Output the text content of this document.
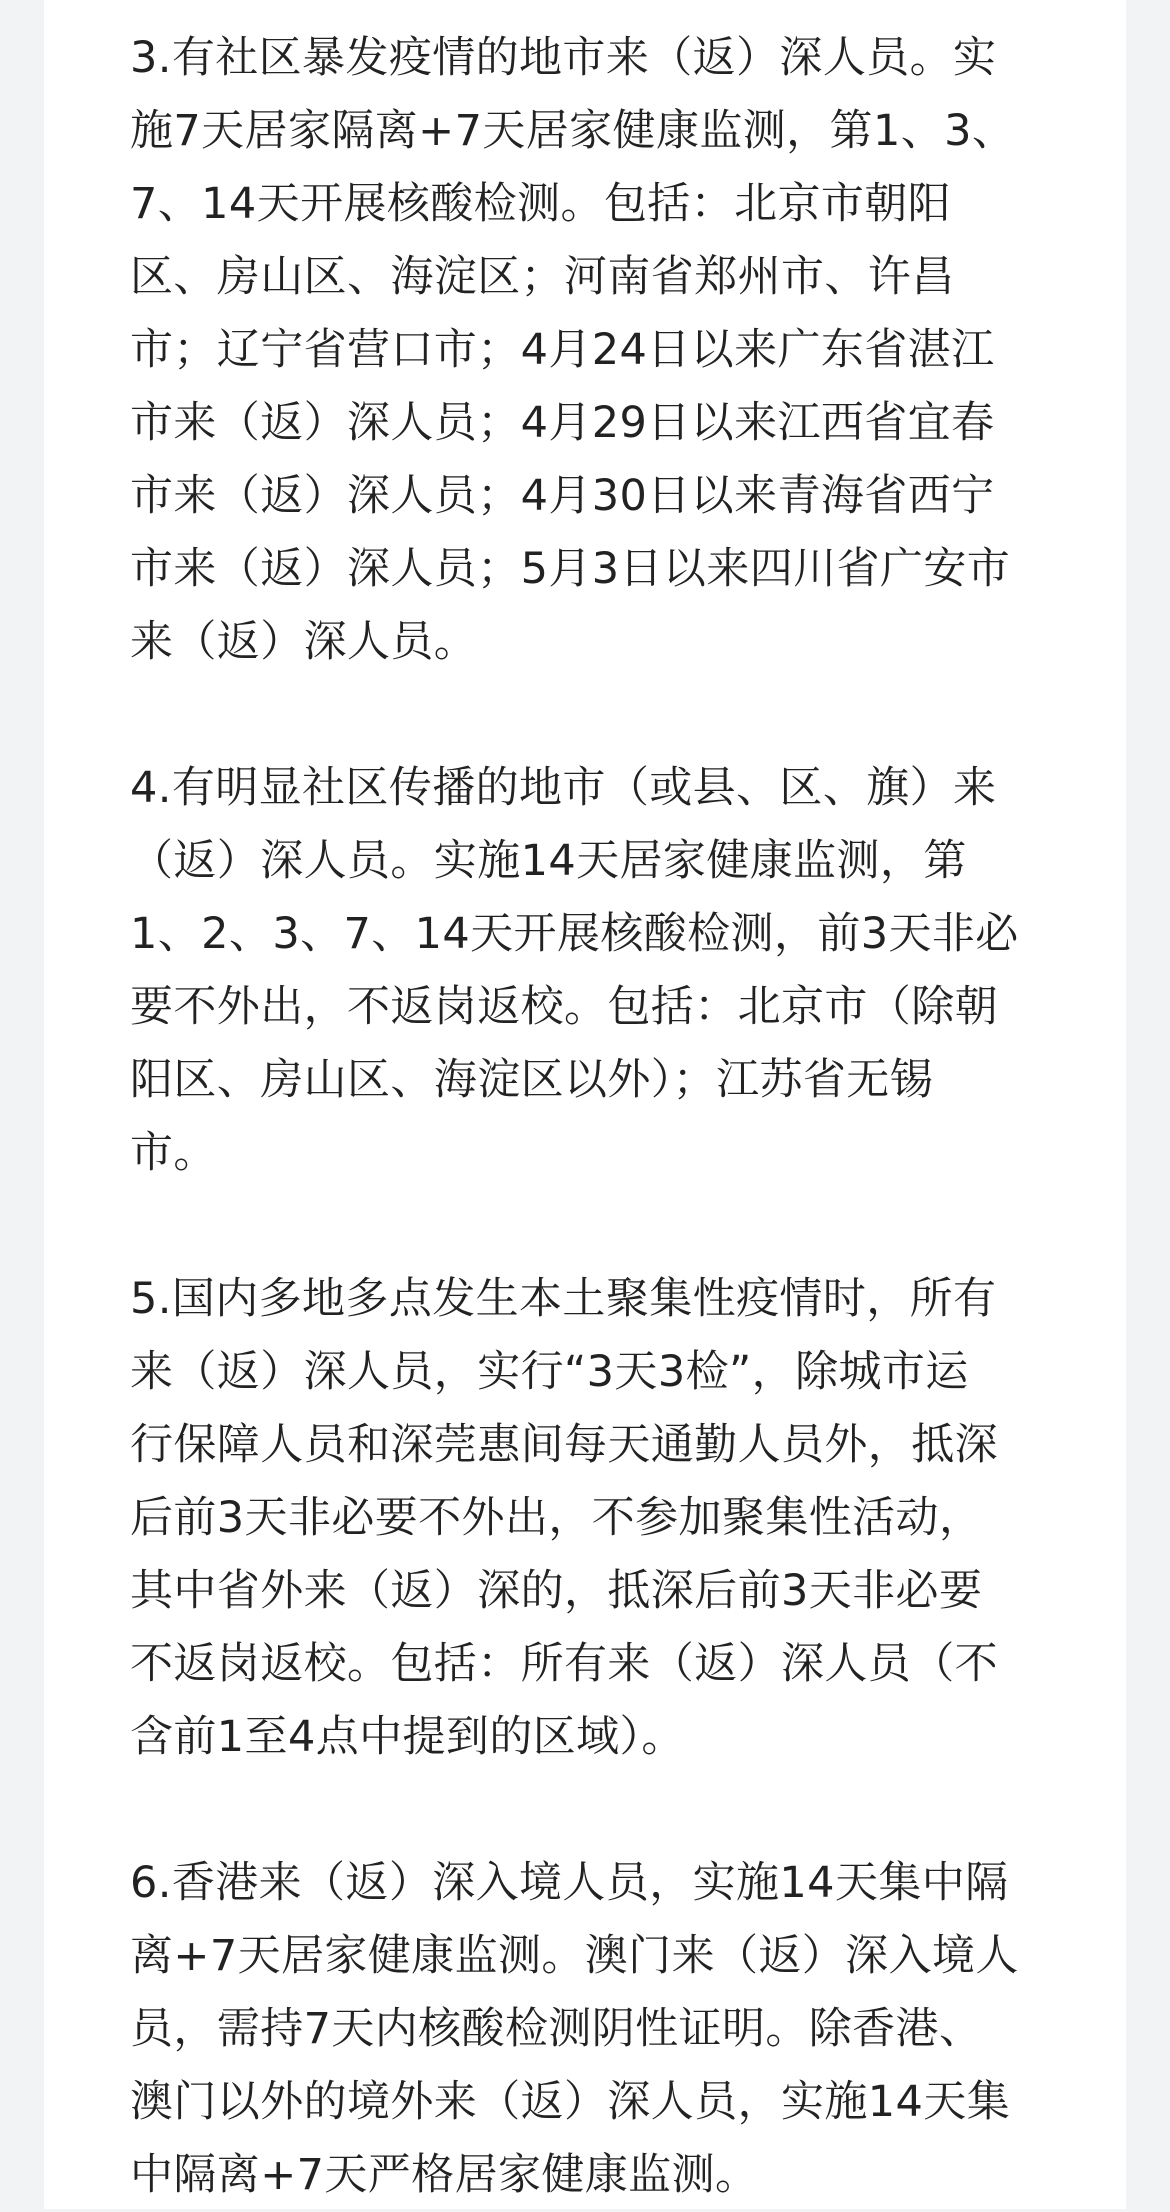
3.有社区暴发疫情的地市来（返）深人员。实
施7天居家隔离+7天居家健康监测，第1、3、
7、14天开展核酸检测。包括：北京市朝阳
区、房山区、海淀区；河南省郑州市、许昌
市；辽宁省营口市；4月24日以来广东省湛江
市来（返）深人员；4月29日以来江西省宜春
市来（返）深人员；4月30日以来青海省西宁
市来（返）深人员；5月3日以来四川省广安市
来（返）深人员。

4.有明显社区传播的地市（或县、区、旗）来
（返）深人员。实施14天居家健康监测，第
1、2、3、7、14天开展核酸检测，前3天非必
要不外出，不返岗返校。包括：北京市（除朝
阳区、房山区、海淀区以外）；江苏省无锡
市。

5.国内多地多点发生本土聚集性疫情时，所有
来（返）深人员，实行“3天3检”，除城市运
行保障人员和深莞惠间每天通勤人员外，抵深
后前3天非必要不外出，不参加聚集性活动，
其中省外来（返）深的，抵深后前3天非必要
不返岗返校。包括：所有来（返）深人员（不
含前1至4点中提到的区域）。

6.香港来（返）深入境人员，实施14天集中隔
离+7天居家健康监测。澳门来（返）深入境人
员，需持7天内核酸检测阴性证明。除香港、
澳门以外的境外来（返）深人员，实施14天集
中隔离+7天严格居家健康监测。
